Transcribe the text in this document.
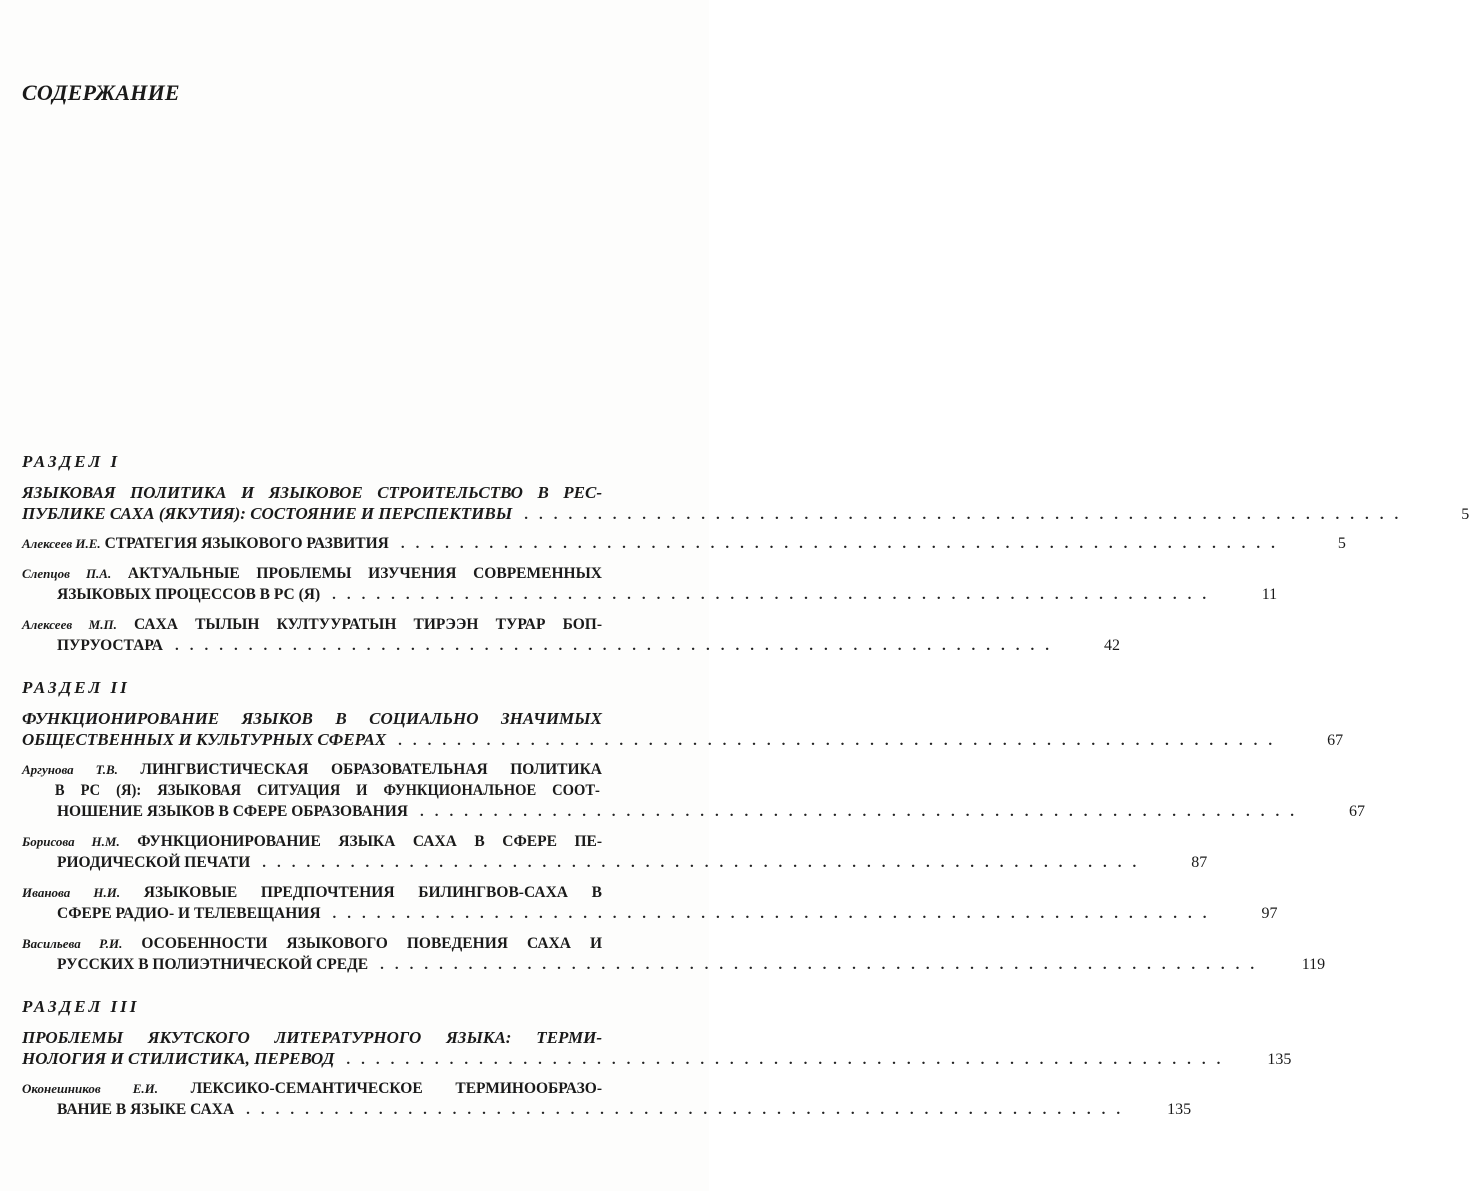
СОДЕРЖАНИЕ
РАЗДЕЛ I
ЯЗЫКОВАЯ ПОЛИТИКА И ЯЗЫКОВОЕ СТРОИТЕЛЬСТВО В РЕС-
ПУБЛИКЕ САХА (ЯКУТИЯ): СОСТОЯНИЕ И ПЕРСПЕКТИВЫ ............................................................	5
Алексеев И.Е. СТРАТЕГИЯ ЯЗЫКОВОГО РАЗВИТИЯ ............................................................	5
Слепцов П.А. АКТУАЛЬНЫЕ ПРОБЛЕМЫ ИЗУЧЕНИЯ СОВРЕМЕННЫХ
ЯЗЫКОВЫХ ПРОЦЕССОВ В РС (Я) ............................................................	11
Алексеев М.П. САХА ТЫЛЫН КУЛТУУРАТЫН ТИРЭЭН ТУРАР БОП-
ПУРУОСТАРА ............................................................	42
РАЗДЕЛ II
ФУНКЦИОНИРОВАНИЕ ЯЗЫКОВ В СОЦИАЛЬНО ЗНАЧИМЫХ
ОБЩЕСТВЕННЫХ И КУЛЬТУРНЫХ СФЕРАХ ............................................................	67
Аргунова Т.В. ЛИНГВИСТИЧЕСКАЯ ОБРАЗОВАТЕЛЬНАЯ ПОЛИТИКА
В РС (Я): ЯЗЫКОВАЯ СИТУАЦИЯ И ФУНКЦИОНАЛЬНОЕ СООТ-
НОШЕНИЕ ЯЗЫКОВ В СФЕРЕ ОБРАЗОВАНИЯ ............................................................	67
Борисова Н.М. ФУНКЦИОНИРОВАНИЕ ЯЗЫКА САХА В СФЕРЕ ПЕ-
РИОДИЧЕСКОЙ ПЕЧАТИ ............................................................	87
Иванова Н.И. ЯЗЫКОВЫЕ ПРЕДПОЧТЕНИЯ БИЛИНГВОВ-САХА В
СФЕРЕ РАДИО- И ТЕЛЕВЕЩАНИЯ ............................................................	97
Васильева Р.И. ОСОБЕННОСТИ ЯЗЫКОВОГО ПОВЕДЕНИЯ САХА И
РУССКИХ В ПОЛИЭТНИЧЕСКОЙ СРЕДЕ ............................................................	119
РАЗДЕЛ III
ПРОБЛЕМЫ ЯКУТСКОГО ЛИТЕРАТУРНОГО ЯЗЫКА: ТЕРМИ-
НОЛОГИЯ И СТИЛИСТИКА, ПЕРЕВОД ............................................................	135
Оконешников Е.И. ЛЕКСИКО-СЕМАНТИЧЕСКОЕ ТЕРМИНООБРАЗО-
ВАНИЕ В ЯЗЫКЕ САХА ............................................................	135
